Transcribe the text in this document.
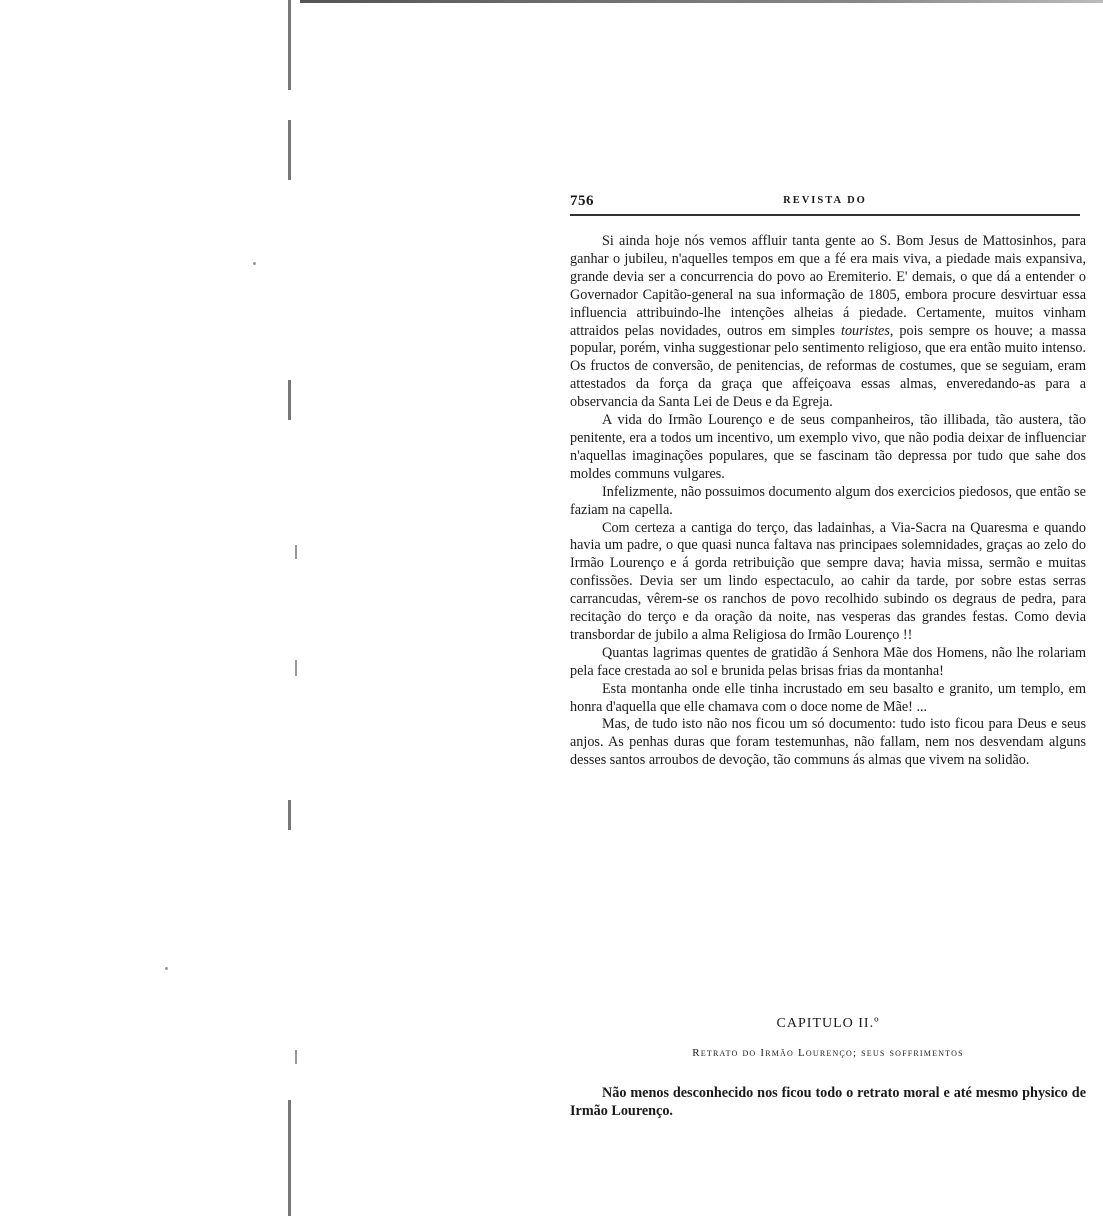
756	REVISTA DO

Si ainda hoje nós vemos affluir tanta gente ao S. Bom Jesus de Mattosinhos, para ganhar o jubileu, n'aquelles tempos em que a fé era mais viva, a piedade mais expansiva, grande devia ser a concurrencia do povo ao Eremiterio. E' demais, o que dá a entender o Governador Capitão-general na sua informação de 1805, embora procure desvirtuar essa influencia attribuindo-lhe intenções alheias á piedade. Certamente, muitos vinham attraidos pelas novidades, outros em simples touristes, pois sempre os houve; a massa popular, porém, vinha suggestionar pelo sentimento religioso, que era então muito intenso. Os fructos de conversão, de penitencias, de reformas de costumes, que se seguiam, eram attestados da força da graça que affeiçoava essas almas, enveredando-as para a observancia da Santa Lei de Deus e da Egreja.

A vida do Irmão Lourenço e de seus companheiros, tão illibada, tão austera, tão penitente, era a todos um incentivo, um exemplo vivo, que não podia deixar de influenciar n'aquellas imaginações populares, que se fascinam tão depressa por tudo que sahe dos moldes communs vulgares.

Infelizmente, não possuimos documento algum dos exercicios piedosos, que então se faziam na capella.

Com certeza a cantiga do terço, das ladainhas, a Via-Sacra na Quaresma e quando havia um padre, o que quasi nunca faltava nas principaes solemnidades, graças ao zelo do Irmão Lourenço e á gorda retribuição que sempre dava; havia missa, sermão e muitas confissões. Devia ser um lindo espectaculo, ao cahir da tarde, por sobre estas serras carrancudas, vêrem-se os ranchos de povo recolhido subindo os degraus de pedra, para recitação do terço e da oração da noite, nas vesperas das grandes festas. Como devia transbordar de jubilo a alma Religiosa do Irmão Lourenço !!

Quantas lagrimas quentes de gratidão á Senhora Mãe dos Homens, não lhe rolariam pela face crestada ao sol e brunida pelas brisas frias da montanha!

Esta montanha onde elle tinha incrustado em seu basalto e granito, um templo, em honra d'aquella que elle chamava com o doce nome de Mãe! ...

Mas, de tudo isto não nos ficou um só documento: tudo isto ficou para Deus e seus anjos. As penhas duras que foram testemunhas, não fallam, nem nos desvendam alguns desses santos arroubos de devoção, tão communs ás almas que vivem na solidão.

CAPITULO II.º
Retrato do Irmão Lourenço; seus soffrimentos

Não menos desconhecido nos ficou todo o retrato moral e até mesmo physico de Irmão Lourenço.
